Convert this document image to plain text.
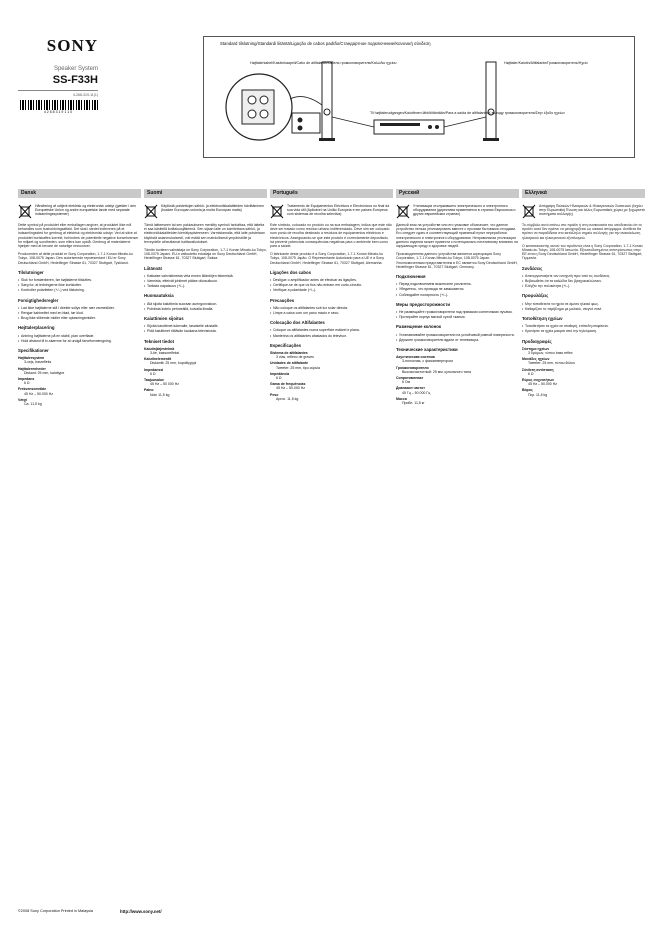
SONY
Speaker System
SS-F33H
4-268-319-11(1)
4 2 6 8 3 1 9 1 1 0
Standard tilslutning/Standardi liitäntä/Ligação de cabos padrão/Стандартное подключение/Κανονική σύνδεση
Højttalerkabel/Kaiutinkaapeli/Cabo de altifalante/Кабель громкоговорителя/Καλώδιο ηχείου
Til højttalerudgangen/Kaiuttimen lähtöliitäntään/Para a saída de altifalante/К выходу громкоговорителя/Στην έξοδο ηχείων
Højttaler/Kaiutin/Altifalante/Громкоговоритель/Ηχείο
Dansk

Håndtering af udtjent elektrisk og elektronisk udstyr (gælder i den Europæiske Union og andre europæiske lande med separate indsamlingssystemer)

Dette symbol på produktet eller emballagen angiver, at produktet ikke må behandles som husholdningsaffald. Det skal i stedet indleveres på et indsamlingssted for genbrug af elektrisk og elektronisk udstyr. Ved at sikre at produktet bortskaffes korrekt, forhindres de potentielle negative konsekvenser for miljøet og sundheden, som ellers kan opstå. Genbrug af materialerne hjælper med at bevare de naturlige ressourcer.

Producenten af dette produkt er Sony Corporation, 1-7-1 Konan Minato-ku Tokyo, 108-0075 Japan. Den autoriserede repræsentant i EU er Sony Deutschland GmbH, Hedelfinger Strasse 61, 70327 Stuttgart, Tyskland.

Tilslutninger
• Sluk for forstærkeren, før højttalerne tilsluttes.
• Sørg for, at ledningerne ikke kortslutter.
• Kontroller polariteten (+/–) ved tilslutning.
Forsigtighedsregler
• Lad ikke højttalerne stå i direkte sollys eller nær varmekilder.
• Rengør kabinettet med en blød, tør klud.
• Brug ikke slibende midler eller opløsningsmidler.
Højttalerplacering
• Anbring højttalerne på en stabil, plan overflade.
• Hold afstand til tv-skærme for at undgå farveforvrængning.
Specifikationer
Højttalersystem
3-vejs, basrefleks
Højttalerenheder
Diskant: 25 mm, kalottype
Impedans
6 Ω
Frekvensområde
45 Hz – 50.000 Hz
Vægt
Ca. 11,5 kg
Suomi

Käytöstä poistettujen sähkö- ja elektroniikkalaitteiden hävittäminen (koskee Euroopan unionia ja muita Euroopan maita)

Tämä laitteeseen tai sen pakkaukseen merkitty symboli tarkoittaa, että laitetta ei saa käsitellä kotitalousjätteenä. Sen sijaan laite on toimitettava sähkö- ja elektroniikkalaitteiden kierrätyspisteeseen. Varmistamalla, että laite poistetaan käytöstä asianmukaisesti, voit estää sen mahdollisesti ympäristölle ja terveydelle aiheuttamat haittavaikutukset.

Tämän tuotteen valmistaja on Sony Corporation, 1-7-1 Konan Minato-ku Tokyo, 108-0075 Japani. EU:n valtuutettu edustaja on Sony Deutschland GmbH, Hedelfinger Strasse 61, 70327 Stuttgart, Saksa.

Liitännät
• Katkaise vahvistimesta virta ennen liitäntöjen tekemistä.
• Varmista, etteivät johtimet pääse oikosulkuun.
• Tarkista napaisuus (+/–).
Huomautuksia
• Älä sijoita kaiuttimia suoraan auringonvaloon.
• Puhdista kotelo pehmeällä, kuivalla liinalla.
Kaiuttimien sijoitus
• Sijoita kaiuttimet tukevalle, tasaiselle alustalle.
• Pidä kaiuttimet riittävän kaukana televisiosta.
Tekniset tiedot
Kaiutinjärjestelmä
3-tie, bassorefleksi
Kaiutinelementit
Diskantti: 25 mm, kupolityyppi
Impedanssi
6 Ω
Taajuusalue
45 Hz – 50 000 Hz
Paino
Noin 11,5 kg
Português

Tratamento de Equipamentos Eléctricos e Electrónicos no final da sua vida útil (Aplicável na União Europeia e em países Europeus com sistemas de recolha selectiva)

Este símbolo, colocado no produto ou na sua embalagem, indica que este não deve ser tratado como resíduo urbano indiferenciado. Deve sim ser colocado num ponto de recolha destinado a resíduos de equipamentos eléctricos e electrónicos. Assegurando-se que este produto é correctamente depositado, irá prevenir potenciais consequências negativas para o ambiente bem como para a saúde.

O fabricante deste produto é a Sony Corporation, 1-7-1 Konan Minato-ku Tokyo, 108-0075 Japão. O Representante Autorizado para a UE é a Sony Deutschland GmbH, Hedelfinger Strasse 61, 70327 Stuttgart, Alemanha.

Ligações dos cabos
• Desligue o amplificador antes de efectuar as ligações.
• Certifique-se de que os fios não entram em curto-circuito.
• Verifique a polaridade (+/–).
Precauções
• Não coloque os altifalantes sob luz solar directa.
• Limpe a caixa com um pano macio e seco.
Colocação dos Altifalantes
• Coloque os altifalantes numa superfície estável e plana.
• Mantenha os altifalantes afastados do televisor.
Especificações
Sistema de altifalantes
3 vias, reflexo de graves
Unidades de altifalante
Tweeter: 25 mm, tipo cúpula
Impedância
6 Ω
Gama de frequências
45 Hz – 50.000 Hz
Peso
Aprox. 11,5 kg
Русский

Утилизация отслужившего электрического и электронного оборудования (директива применяется в странах Евросоюза и других европейских странах)

Данный знак на устройстве или его упаковке обозначает, что данное устройство нельзя утилизировать вместе с прочими бытовыми отходами. Его следует сдать в соответствующий приемный пункт переработки электрического и электронного оборудования. Неправильная утилизация данного изделия может привести к потенциально негативному влиянию на окружающую среду и здоровье людей.

Производителем данного устройства является корпорация Sony Corporation, 1-7-1 Konan Minato-ku Tokyo, 108-0075 Japan. Уполномоченным представителем в ЕС является Sony Deutschland GmbH, Hedelfinger Strasse 61, 70327 Stuttgart, Germany.

Подключения
• Перед подключением выключите усилитель.
• Убедитесь, что провода не замыкаются.
• Соблюдайте полярность (+/–).
Меры предосторожности
• Не размещайте громкоговорители под прямыми солнечными лучами.
• Протирайте корпус мягкой сухой тканью.
Размещение колонок
• Устанавливайте громкоговорители на устойчивой ровной поверхности.
• Держите громкоговорители вдали от телевизора.
Технические характеристики
Акустическая система
3-полосная, с фазоинвертором
Громкоговорители
Высокочастотный: 25 мм, купольного типа
Сопротивление
6 Ом
Диапазон частот
45 Гц – 50 000 Гц
Масса
Прибл. 11,5 кг
Ελληνικά

Απόρριψη Παλαιών Ηλεκτρικών & Ηλεκτρονικών Συσκευών (Ισχύει στην Ευρωπαϊκή Ένωση και άλλες Ευρωπαϊκές χώρες με ξεχωριστά συστήματα συλλογής)

Το σύμβολο αυτό επάνω στο προϊόν ή στη συσκευασία του υποδεικνύει ότι το προϊόν αυτό δεν πρέπει να μεταχειρίζεται ως οικιακό απόρριμμα. Αντίθετα θα πρέπει να παραδίδεται στο κατάλληλο σημείο συλλογής για την ανακύκλωση ηλεκτρικού και ηλεκτρονικού εξοπλισμού.

Ο κατασκευαστής αυτού του προϊόντος είναι η Sony Corporation, 1-7-1 Konan Minato-ku Tokyo, 108-0075 Ιαπωνία. Εξουσιοδοτημένος αντιπρόσωπος στην ΕΕ είναι η Sony Deutschland GmbH, Hedelfinger Strasse 61, 70327 Stuttgart, Γερμανία.

Συνδέσεις
• Απενεργοποιήστε τον ενισχυτή πριν από τις συνδέσεις.
• Βεβαιωθείτε ότι τα καλώδια δεν βραχυκυκλώνουν.
• Ελέγξτε την πολικότητα (+/–).
Προφυλάξεις
• Μην τοποθετείτε τα ηχεία σε άμεσο ηλιακό φως.
• Καθαρίζετε το περίβλημα με μαλακό, στεγνό πανί.
Τοποθέτηση ηχείων
• Τοποθετήστε τα ηχεία σε σταθερή, επίπεδη επιφάνεια.
• Κρατήστε τα ηχεία μακριά από την τηλεόραση.
Προδιαγραφές
Σύστημα ηχείων
3 δρόμων, τύπου bass reflex
Μονάδες ηχείων
Tweeter: 25 mm, τύπου θόλου
Σύνθετη αντίσταση
6 Ω
Εύρος συχνοτήτων
45 Hz – 50.000 Hz
Βάρος
Περ. 11,5 kg
©2008 Sony Corporation Printed in Malaysia	http://www.sony.net/
